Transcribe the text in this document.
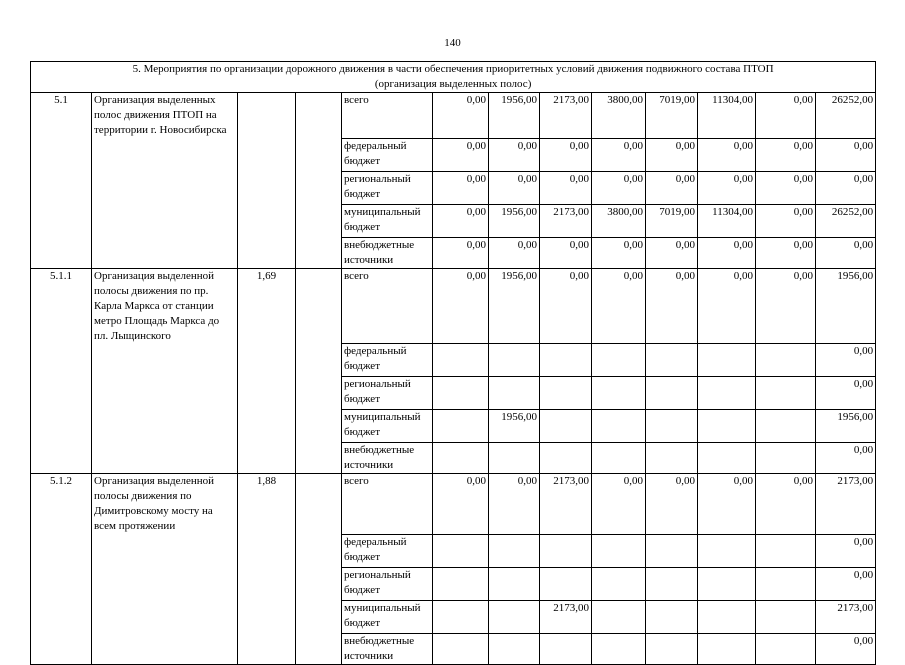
140
5. Мероприятия по организации дорожного движения в части обеспечения приоритетных условий движения подвижного состава ПТОП
(организация выделенных полос)												
5.1	Организация выделенных полос движения ПТОП на территории г. Новосибирска			всего	0,00	1956,00	2173,00	3800,00	7019,00	11304,00	0,00	26252,00
				федеральный бюджет	0,00	0,00	0,00	0,00	0,00	0,00	0,00	0,00
				региональный бюджет	0,00	0,00	0,00	0,00	0,00	0,00	0,00	0,00
				муниципальный бюджет	0,00	1956,00	2173,00	3800,00	7019,00	11304,00	0,00	26252,00
				внебюджетные источники	0,00	0,00	0,00	0,00	0,00	0,00	0,00	0,00
5.1.1	Организация выделенной полосы движения по пр. Карла Маркса от станции метро Площадь Маркса до пл. Лыщинского	1,69		всего	0,00	1956,00	0,00	0,00	0,00	0,00	0,00	1956,00
				федеральный бюджет								0,00
				региональный бюджет								0,00
				муниципальный бюджет		1956,00						1956,00
				внебюджетные источники								0,00
5.1.2	Организация выделенной полосы движения по Димитровскому мосту на всем протяжении	1,88		всего	0,00	0,00	2173,00	0,00	0,00	0,00	0,00	2173,00
				федеральный бюджет								0,00
				региональный бюджет								0,00
				муниципальный бюджет			2173,00					2173,00
				внебюджетные источники								0,00
